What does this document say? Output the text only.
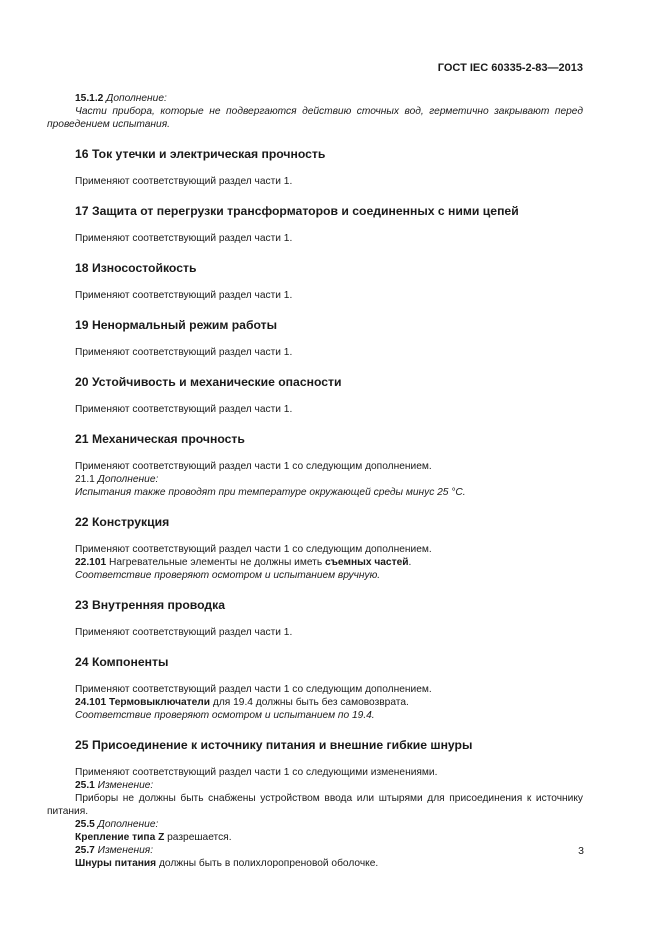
ГОСТ IEC 60335-2-83—2013

15.1.2 Дополнение:

Части прибора, которые не подвергаются действию сточных вод, герметично закрывают перед проведением испытания.

16 Ток утечки и электрическая прочность

Применяют соответствующий раздел части 1.

17 Защита от перегрузки трансформаторов и соединенных с ними цепей

Применяют соответствующий раздел части 1.

18 Износостойкость

Применяют соответствующий раздел части 1.

19 Ненормальный режим работы

Применяют соответствующий раздел части 1.

20 Устойчивость и механические опасности

Применяют соответствующий раздел части 1.

21 Механическая прочность

Применяют соответствующий раздел части 1 со следующим дополнением.

21.1 Дополнение:

Испытания также проводят при температуре окружающей среды минус 25 °С.

22 Конструкция

Применяют соответствующий раздел части 1 со следующим дополнением.

22.101 Нагревательные элементы не должны иметь съемных частей.

Соответствие проверяют осмотром и испытанием вручную.

23 Внутренняя проводка

Применяют соответствующий раздел части 1.

24 Компоненты

Применяют соответствующий раздел части 1 со следующим дополнением.

24.101 Термовыключатели для 19.4 должны быть без самовозврата.

Соответствие проверяют осмотром и испытанием по 19.4.

25 Присоединение к источнику питания и внешние гибкие шнуры

Применяют соответствующий раздел части 1 со следующими изменениями.

25.1 Изменение:

Приборы не должны быть снабжены устройством ввода или штырями для присоединения к источнику питания.

25.5 Дополнение:

Крепление типа Z разрешается.

25.7 Изменения:

Шнуры питания должны быть в полихлоропреновой оболочке.

3
